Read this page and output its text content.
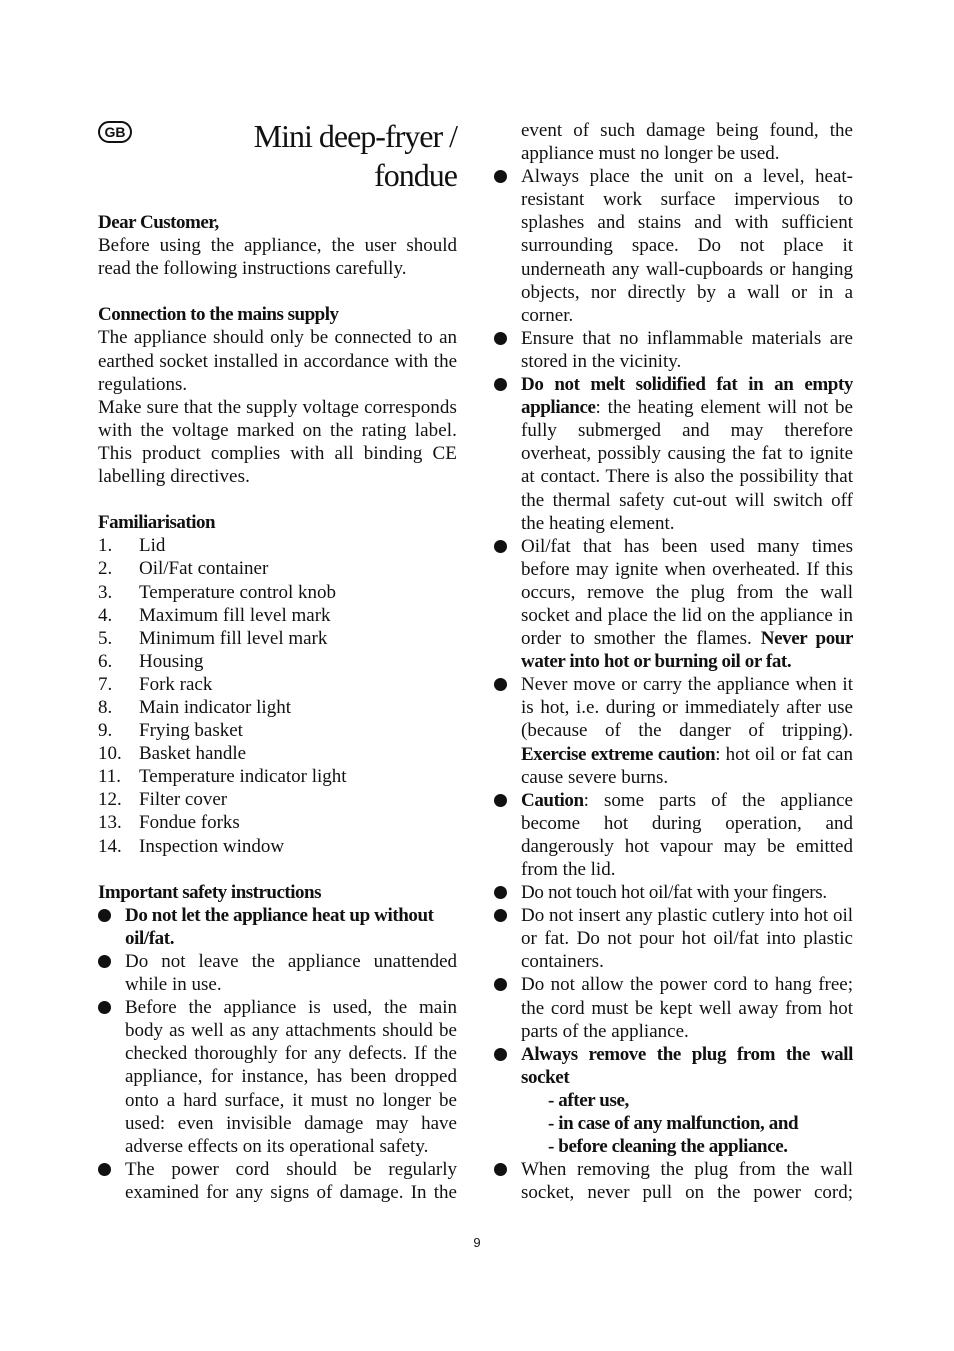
GB	Mini deep-fryer /
fondue

Dear Customer,

Before using the appliance, the user should read the following instructions carefully.

Connection to the mains supply

The appliance should only be connected to an earthed socket installed in accordance with the regulations.

Make sure that the supply voltage corresponds with the voltage marked on the rating label. This product complies with all binding CE labelling directives.

Familiarisation

1.	Lid
2.	Oil/Fat container
3.	Temperature control knob
4.	Maximum fill level mark
5.	Minimum fill level mark
6.	Housing
7.	Fork rack
8.	Main indicator light
9.	Frying basket
10. Basket handle
11. Temperature indicator light
12. Filter cover
13. Fondue forks
14. Inspection window

Important safety instructions

Do not let the appliance heat up without oil/fat.

Do not leave the appliance unattended while in use.

Before the appliance is used, the main body as well as any attachments should be checked thoroughly for any defects. If the appliance, for instance, has been dropped onto a hard surface, it must no longer be used: even invisible damage may have adverse effects on its operational safety.

The power cord should be regularly examined for any signs of damage. In the

event of such damage being found, the appliance must no longer be used.

Always place the unit on a level, heat-resistant work surface impervious to splashes and stains and with sufficient surrounding space. Do not place it underneath any wall-cupboards or hanging objects, nor directly by a wall or in a corner.

Ensure that no inflammable materials are stored in the vicinity.

Do not melt solidified fat in an empty appliance: the heating element will not be fully submerged and may therefore overheat, possibly causing the fat to ignite at contact. There is also the possibility that the thermal safety cut-out will switch off the heating element.

Oil/fat that has been used many times before may ignite when overheated. If this occurs, remove the plug from the wall socket and place the lid on the appliance in order to smother the flames. Never pour water into hot or burning oil or fat.

Never move or carry the appliance when it is hot, i.e. during or immediately after use (because of the danger of tripping). Exercise extreme caution: hot oil or fat can cause severe burns.

Caution: some parts of the appliance become hot during operation, and dangerously hot vapour may be emitted from the lid.

Do not touch hot oil/fat with your fingers.

Do not insert any plastic cutlery into hot oil or fat. Do not pour hot oil/fat into plastic containers.

Do not allow the power cord to hang free; the cord must be kept well away from hot parts of the appliance.

Always remove the plug from the wall socket

- after use,
- in case of any malfunction, and
- before cleaning the appliance.

When removing the plug from the wall socket, never pull on the power cord;

9
